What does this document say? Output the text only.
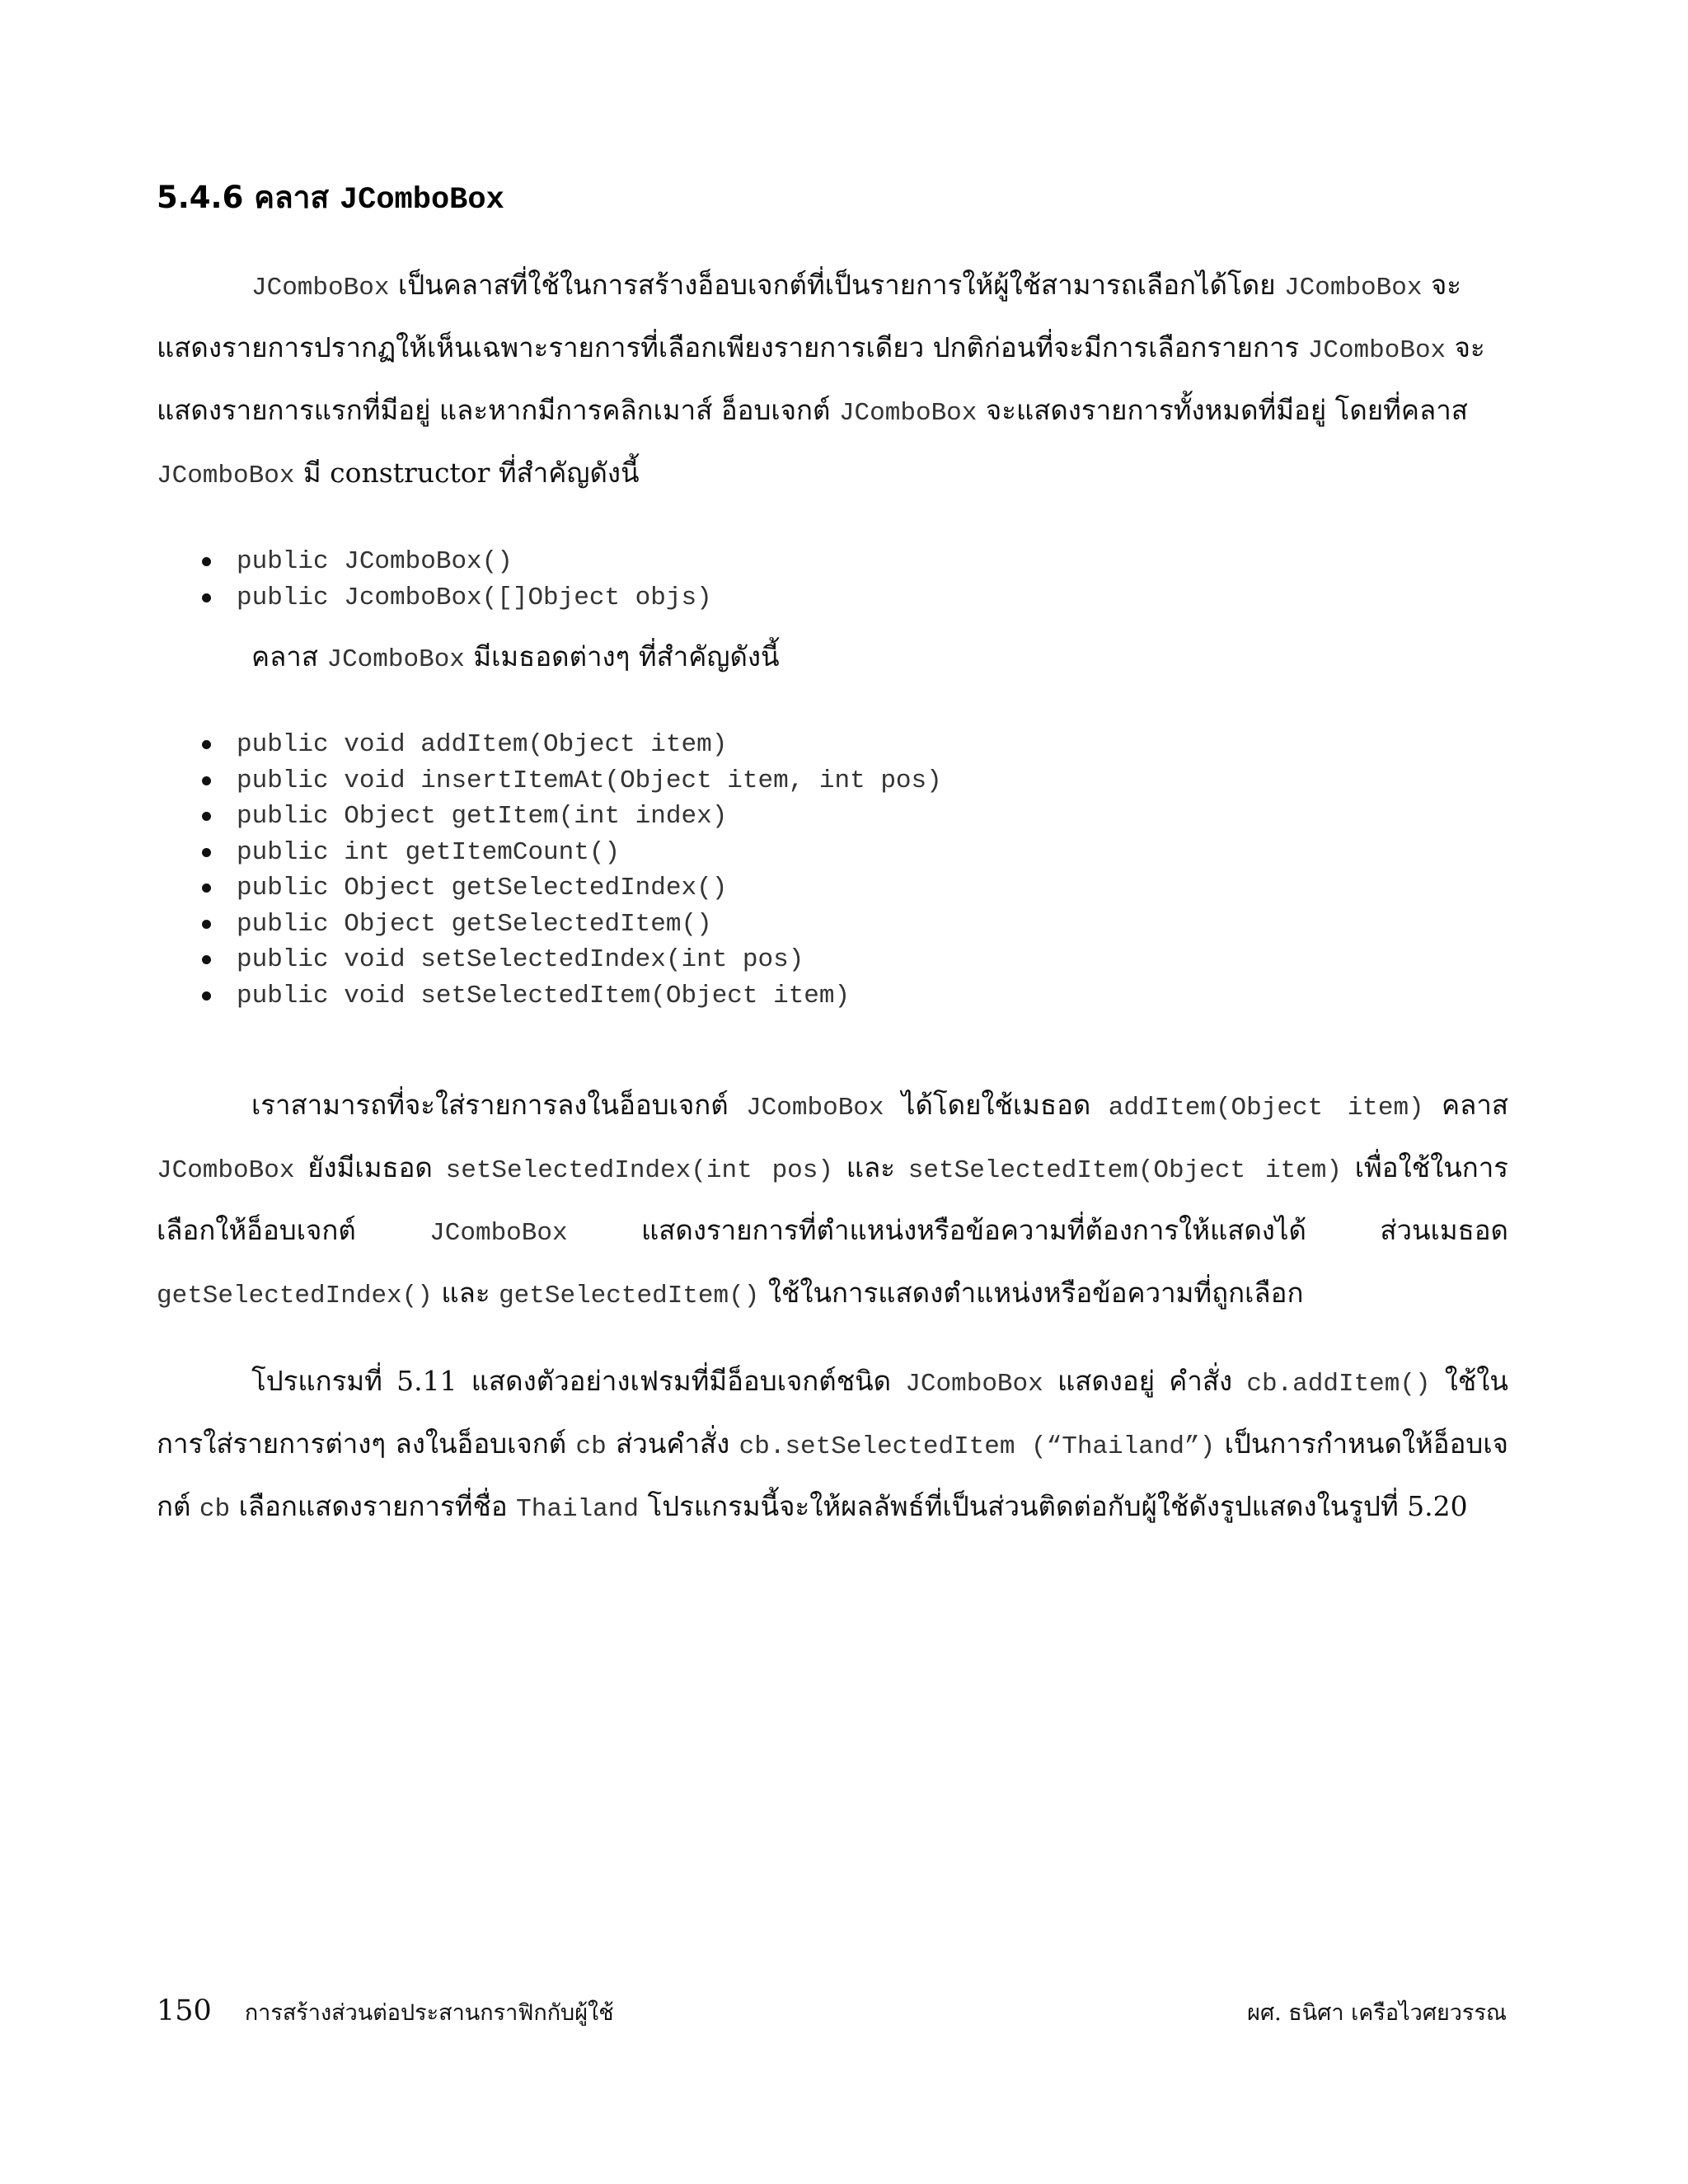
5.4.6 คลาส JComboBox
JComboBox เป็นคลาสที่ใช้ในการสร้างอ็อบเจกต์ที่เป็นรายการให้ผู้ใช้สามารถเลือกได้โดย JComboBox จะ
แสดงรายการปรากฏให้เห็นเฉพาะรายการที่เลือกเพียงรายการเดียว ปกติก่อนที่จะมีการเลือกรายการ JComboBox จะ
แสดงรายการแรกที่มีอยู่ และหากมีการคลิกเมาส์ อ็อบเจกต์ JComboBox จะแสดงรายการทั้งหมดที่มีอยู่ โดยที่คลาส
JComboBox มี constructor ที่สำคัญดังนี้
public JComboBox()
public JcomboBox([]Object objs)
คลาส JComboBox มีเมธอดต่างๆ ที่สำคัญดังนี้
public void addItem(Object item)
public void insertItemAt(Object item, int pos)
public Object getItem(int index)
public int getItemCount()
public Object getSelectedIndex()
public Object getSelectedItem()
public void setSelectedIndex(int pos)
public void setSelectedItem(Object item)
เราสามารถที่จะใส่รายการลงในอ็อบเจกต์ JComboBox ได้โดยใช้เมธอด addItem(Object item) คลาส JComboBox ยังมีเมธอด setSelectedIndex(int pos) และ setSelectedItem(Object item) เพื่อใช้ในการเลือกให้อ็อบเจกต์ JComboBox แสดงรายการที่ตำแหน่งหรือข้อความที่ต้องการให้แสดงได้ ส่วนเมธอด getSelectedIndex() และ getSelectedItem() ใช้ในการแสดงตำแหน่งหรือข้อความที่ถูกเลือก
โปรแกรมที่ 5.11 แสดงตัวอย่างเฟรมที่มีอ็อบเจกต์ชนิด JComboBox แสดงอยู่ คำสั่ง cb.addItem() ใช้ในการใส่รายการต่างๆ ลงในอ็อบเจกต์ cb ส่วนคำสั่ง cb.setSelectedItem (“Thailand”) เป็นการกำหนดให้อ็อบเจกต์ cb เลือกแสดงรายการที่ชื่อ Thailand โปรแกรมนี้จะให้ผลลัพธ์ที่เป็นส่วนติดต่อกับผู้ใช้ดังรูปแสดงในรูปที่ 5.20
150 การสร้างส่วนต่อประสานกราฟิกกับผู้ใช้	ผศ. ธนิศา เครือไวศยวรรณ
